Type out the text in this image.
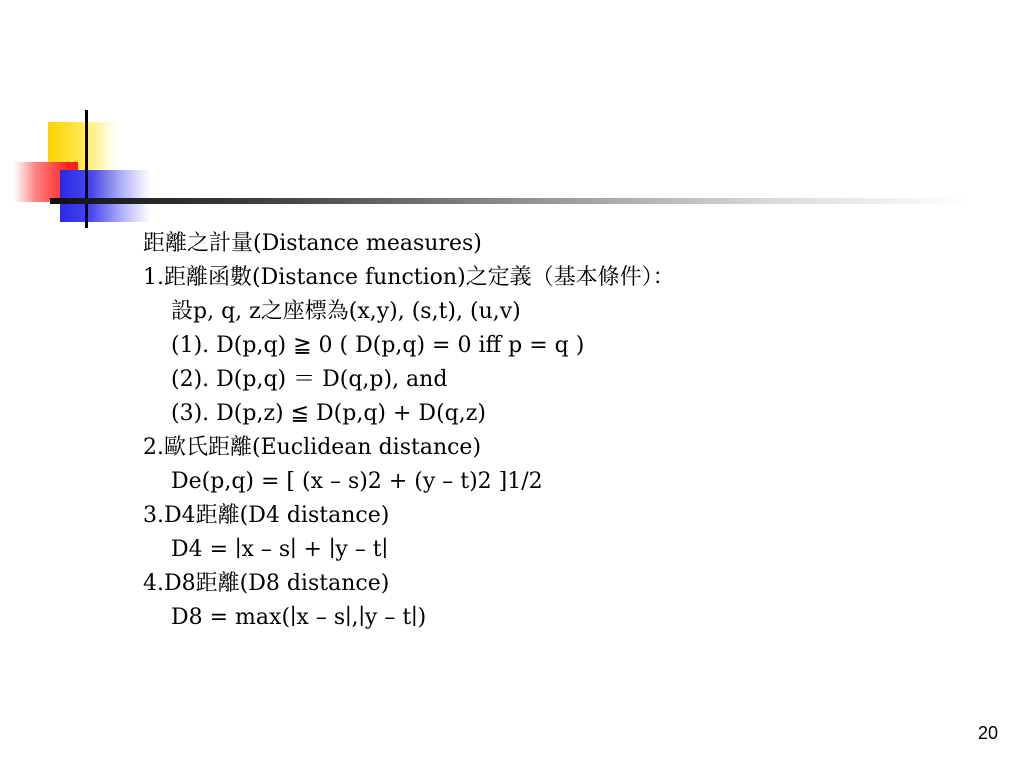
距離之計量(Distance measures)
1.距離函數(Distance function)之定義（基本條件）：
設p, q, z之座標為(x,y), (s,t), (u,v)
(1). D(p,q) ≧ 0 ( D(p,q) = 0 iff p = q )
(2). D(p,q) ＝ D(q,p), and
(3). D(p,z) ≦ D(p,q) + D(q,z)
2.歐氏距離(Euclidean distance)
De(p,q) = [ (x – s)2 + (y – t)2 ]1/2
3.D4距離(D4 distance)
D4 = ∣x – s∣ + ∣y – t∣
4.D8距離(D8 distance)
D8 = max(∣x – s∣,∣y – t∣)
20
